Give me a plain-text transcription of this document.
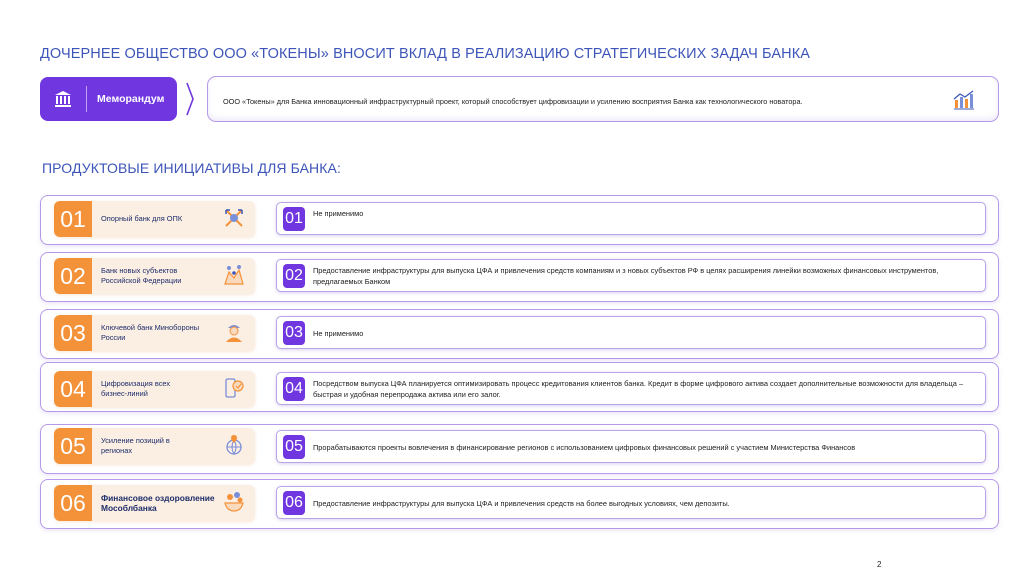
ДОЧЕРНЕЕ ОБЩЕСТВО ООО «ТОКЕНЫ» ВНОСИТ ВКЛАД В РЕАЛИЗАЦИЮ СТРАТЕГИЧЕСКИХ ЗАДАЧ БАНКА
Меморандум	ООО «Токены» для Банка инновационный инфраструктурный проект, который способствует цифровизации и усилению восприятия Банка как технологического новатора.
ПРОДУКТОВЫЕ ИНИЦИАТИВЫ ДЛЯ БАНКА:
01	Опорный банк для ОПК	01 Не применимо
02	Банк новых субъектов Российской Федерации	02 Предоставление инфраструктуры для выпуска ЦФА и привлечения средств компаниям и з новых субъектов РФ в целях расширения линейки возможных финансовых инструментов, предлагаемых Банком
03	Ключевой банк Минобороны России	03 Не применимо
04	Цифровизация всех бизнес-линий	04 Посредством выпуска ЦФА планируется оптимизировать процесс кредитования клиентов банка. Кредит в форме цифрового актива создает дополнительные возможности для владельца – быстрая и удобная перепродажа актива или его залог.
05	Усиление позиций в регионах	05 Прорабатываются проекты вовлечения в финансирование регионов с использованием цифровых финансовых решений с участием Министерства Финансов
06	Финансовое оздоровление Мособлбанка	06 Предоставление инфраструктуры для выпуска ЦФА и привлечения средств на более выгодных условиях, чем депозиты.
2
